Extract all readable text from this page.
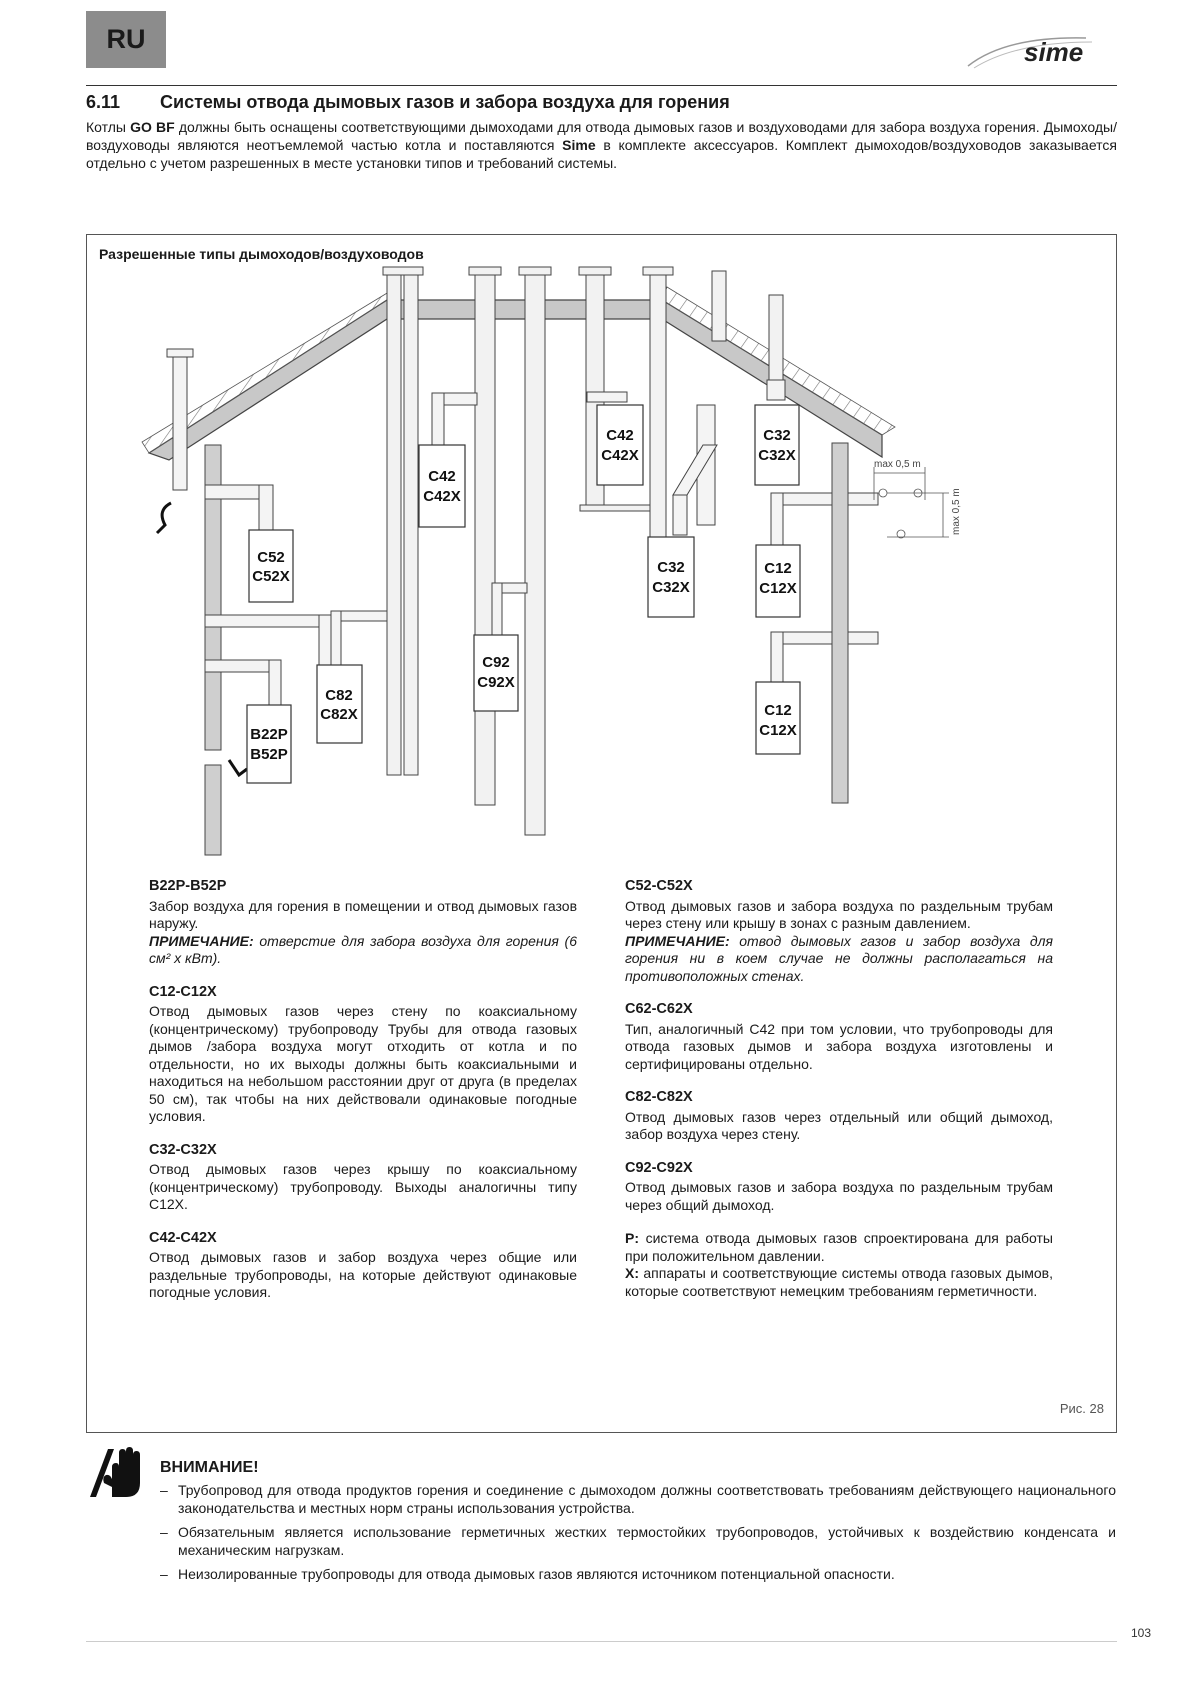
RU	sime
6.11 Системы отвода дымовых газов и забора воздуха для горения
Котлы GO BF должны быть оснащены соответствующими дымоходами для отвода дымовых газов и воздуховодами для забора воздуха горения. Дымоходы/воздуховоды являются неотъемлемой частью котла и поставляются Sime в комплекте аксессуаров. Комплект дымоходов/воздуховодов заказывается отдельно с учетом разрешенных в месте установки типов и требований системы.
Разрешенные типы дымоходов/воздуховодов
C52
C52X
C82
C82X
B22P
B52P
C42
C42X
C92
C92X
C42
C42X
C32
C32X
C32
C32X
C12
C12X
C12
C12X
max 0,5 m
max 0,5 m
B22P-B52P
Забор воздуха для горения в помещении и отвод дымовых газов наружу.
ПРИМЕЧАНИЕ: отверстие для забора воздуха для горения (6 см² x кВт).
C12-C12X
Отвод дымовых газов через стену по коаксиальному (концентрическому) трубопроводу Трубы для отвода газовых дымов /забора воздуха могут отходить от котла и по отдельности, но их выходы должны быть коаксиальными и находиться на небольшом расстоянии друг от друга (в пределах 50 см), так чтобы на них действовали одинаковые погодные условия.
C32-C32X
Отвод дымовых газов через крышу по коаксиальному (концентрическому) трубопроводу. Выходы аналогичны типу C12X.
C42-C42X
Отвод дымовых газов и забор воздуха через общие или раздельные трубопроводы, на которые действуют одинаковые погодные условия.
C52-C52X
Отвод дымовых газов и забора воздуха по раздельным трубам через стену или крышу в зонах с разным давлением.
ПРИМЕЧАНИЕ: отвод дымовых газов и забор воздуха для горения ни в коем случае не должны располагаться на противоположных стенах.
C62-C62X
Тип, аналогичный C42 при том условии, что трубопроводы для отвода газовых дымов и забора воздуха изготовлены и сертифицированы отдельно.
C82-C82X
Отвод дымовых газов через отдельный или общий дымоход, забор воздуха через стену.
C92-C92X
Отвод дымовых газов и забора воздуха по раздельным трубам через общий дымоход.
P: система отвода дымовых газов спроектирована для работы при положительном давлении.
X: аппараты и соответствующие системы отвода газовых дымов, которые соответствуют немецким требованиям герметичности.
Рис. 28
ВНИМАНИЕ!
– Трубопровод для отвода продуктов горения и соединение с дымоходом должны соответствовать требованиям действующего национального законодательства и местных норм страны использования устройства.
– Обязательным является использование герметичных жестких термостойких трубопроводов, устойчивых к воздействию конденсата и механическим нагрузкам.
– Неизолированные трубопроводы для отвода дымовых газов являются источником потенциальной опасности.
103
